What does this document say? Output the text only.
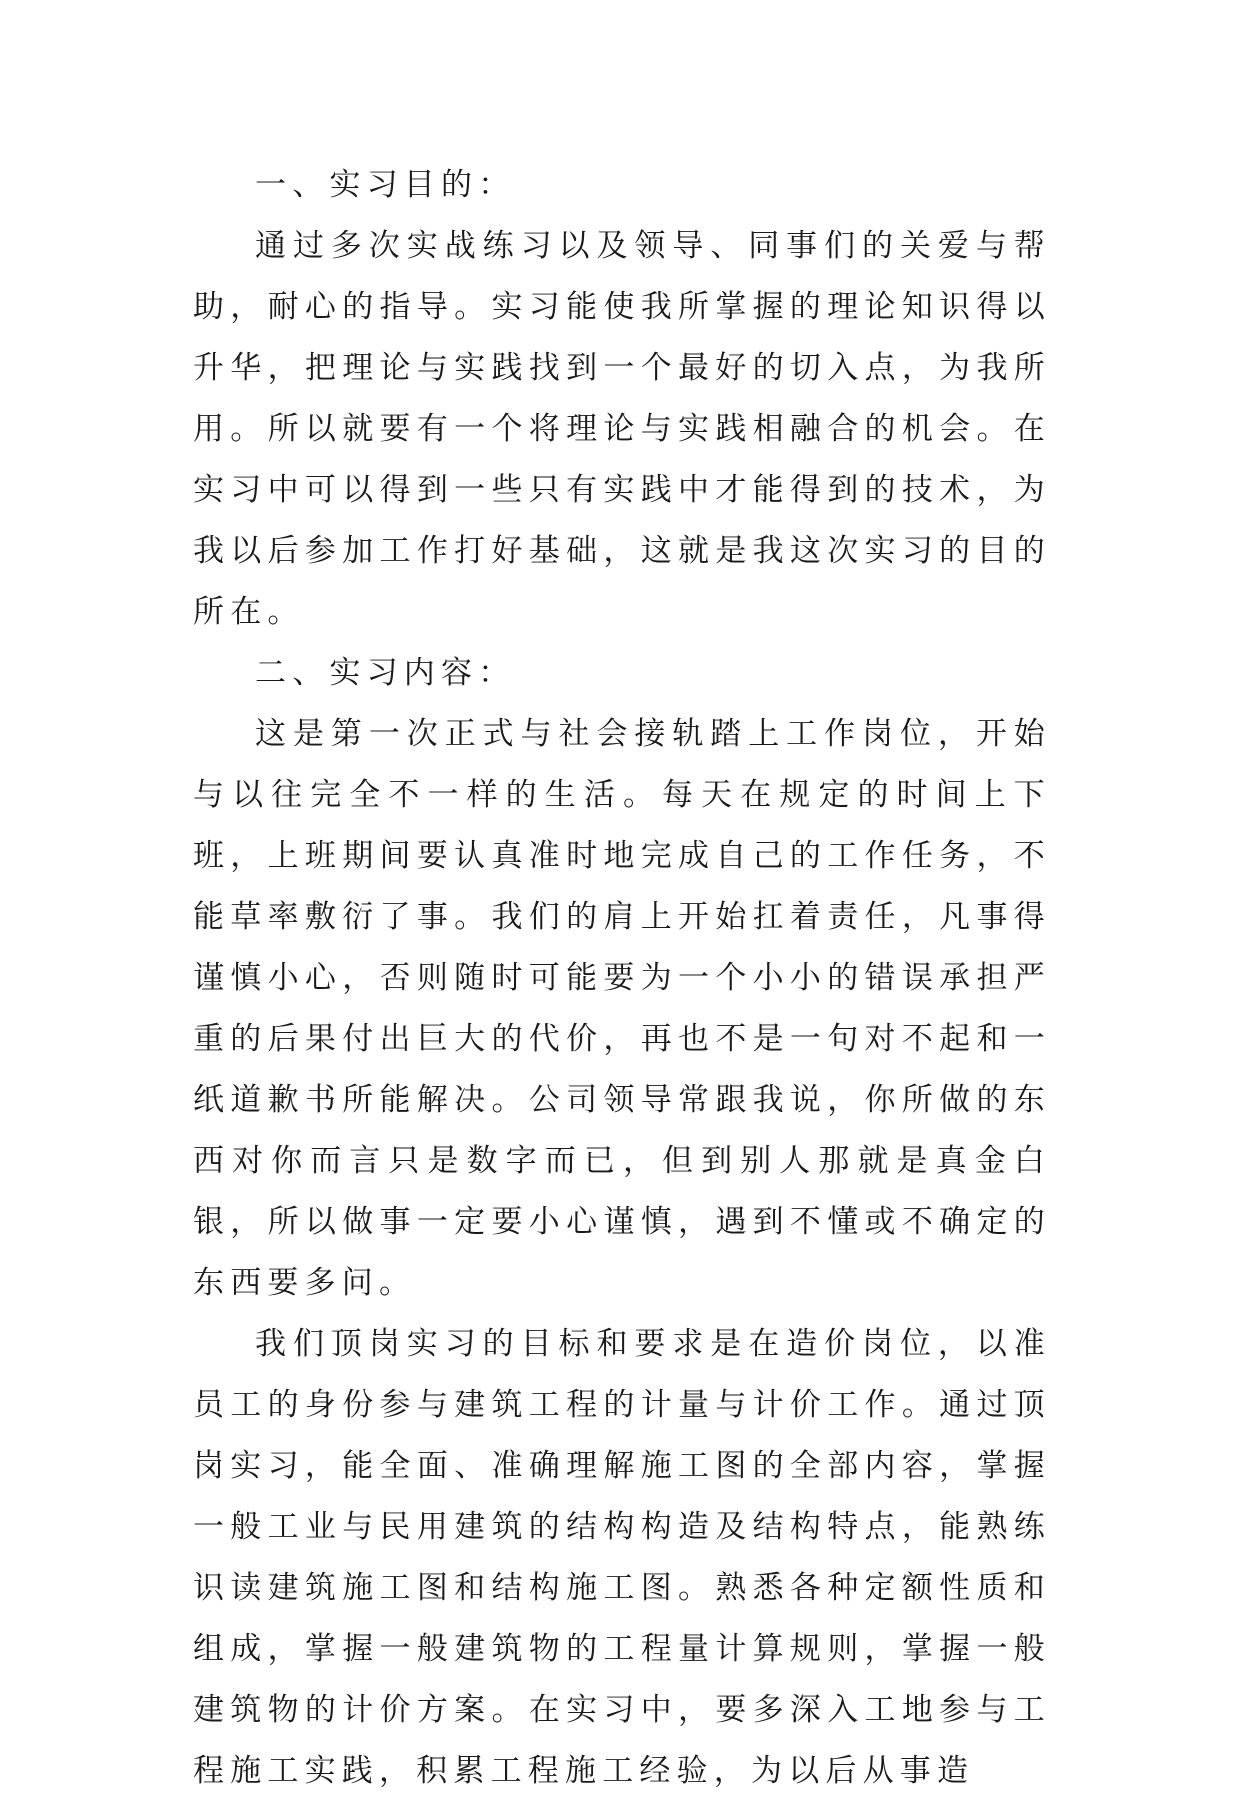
一、实习目的：

通过多次实战练习以及领导、同事们的关爱与帮助，耐心的指导。实习能使我所掌握的理论知识得以升华，把理论与实践找到一个最好的切入点，为我所用。所以就要有一个将理论与实践相融合的机会。在实习中可以得到一些只有实践中才能得到的技术，为我以后参加工作打好基础，这就是我这次实习的目的所在。

二、实习内容：

这是第一次正式与社会接轨踏上工作岗位，开始与以往完全不一样的生活。每天在规定的时间上下班，上班期间要认真准时地完成自己的工作任务，不能草率敷衍了事。我们的肩上开始扛着责任，凡事得谨慎小心，否则随时可能要为一个小小的错误承担严重的后果付出巨大的代价，再也不是一句对不起和一纸道歉书所能解决。公司领导常跟我说，你所做的东西对你而言只是数字而已，但到别人那就是真金白银，所以做事一定要小心谨慎，遇到不懂或不确定的东西要多问。

我们顶岗实习的目标和要求是在造价岗位，以准员工的身份参与建筑工程的计量与计价工作。通过顶岗实习，能全面、准确理解施工图的全部内容，掌握一般工业与民用建筑的结构构造及结构特点，能熟练识读建筑施工图和结构施工图。熟悉各种定额性质和组成，掌握一般建筑物的工程量计算规则，掌握一般建筑物的计价方案。在实习中，要多深入工地参与工程施工实践，积累工程施工经验，为以后从事造
